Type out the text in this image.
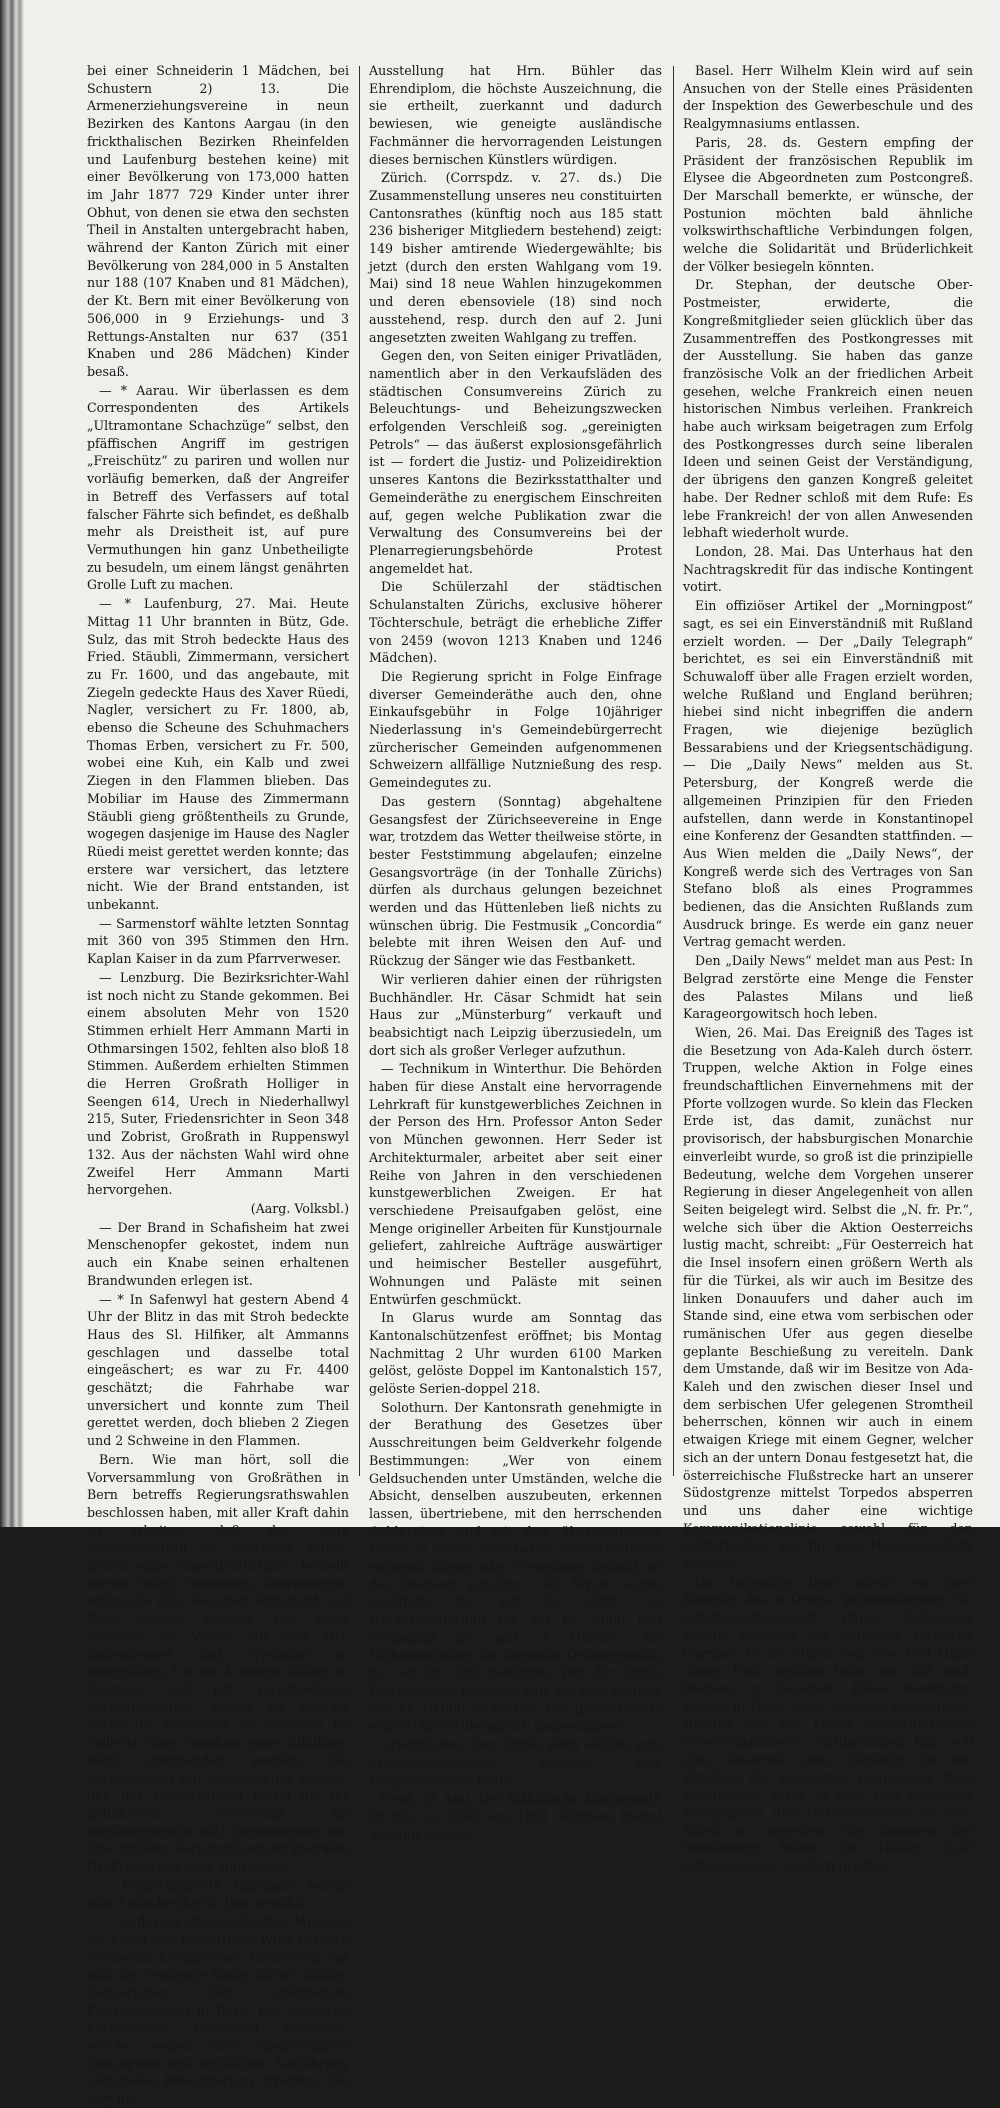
bei einer Schneiderin 1 Mädchen, bei Schustern 2) 13. Die Armenerziehungsvereine in neun Bezirken des Kantons Aargau (in den frickthalischen Bezirken Rheinfelden und Laufenburg bestehen keine) mit einer Bevölkerung von 173,000 hatten im Jahr 1877 729 Kinder unter ihrer Obhut, von denen sie etwa den sechsten Theil in Anstalten untergebracht haben, während der Kanton Zürich mit einer Bevölkerung von 284,000 in 5 Anstalten nur 188 (107 Knaben und 81 Mädchen), der Kt. Bern mit einer Bevölkerung von 506,000 in 9 Erziehungs- und 3 Rettungs-Anstalten nur 637 (351 Knaben und 286 Mädchen) Kinder besaß.

— * Aarau. Wir überlassen es dem Correspondenten des Artikels „Ultramontane Schachzüge“ selbst, den pfäffischen Angriff im gestrigen „Freischütz“ zu pariren und wollen nur vorläufig bemerken, daß der Angreifer in Betreff des Verfassers auf total falscher Fährte sich befindet, es deßhalb mehr als Dreistheit ist, auf pure Vermuthungen hin ganz Unbetheiligte zu besudeln, um einem längst genährten Grolle Luft zu machen.

— * Laufenburg, 27. Mai. Heute Mittag 11 Uhr brannten in Bütz, Gde. Sulz, das mit Stroh bedeckte Haus des Fried. Stäubli, Zimmermann, versichert zu Fr. 1600, und das angebaute, mit Ziegeln gedeckte Haus des Xaver Rüedi, Nagler, versichert zu Fr. 1800, ab, ebenso die Scheune des Schuhmachers Thomas Erben, versichert zu Fr. 500, wobei eine Kuh, ein Kalb und zwei Ziegen in den Flammen blieben. Das Mobiliar im Hause des Zimmermann Stäubli gieng größtentheils zu Grunde, wogegen dasjenige im Hause des Nagler Rüedi meist gerettet werden konnte; das erstere war versichert, das letztere nicht. Wie der Brand entstanden, ist unbekannt.

— Sarmenstorf wählte letzten Sonntag mit 360 von 395 Stimmen den Hrn. Kaplan Kaiser in da zum Pfarrverweser.

— Lenzburg. Die Bezirksrichter-Wahl ist noch nicht zu Stande gekommen. Bei einem absoluten Mehr von 1520 Stimmen erhielt Herr Ammann Marti in Othmarsingen 1502, fehlten also bloß 18 Stimmen. Außerdem erhielten Stimmen die Herren Großrath Holliger in Seengen 614, Urech in Niederhallwyl 215, Suter, Friedensrichter in Seon 348 und Zobrist, Großrath in Ruppenswyl 132. Aus der nächsten Wahl wird ohne Zweifel Herr Ammann Marti hervorgehen.

(Aarg. Volksbl.)

— Der Brand in Schafisheim hat zwei Menschenopfer gekostet, indem nun auch ein Knabe seinen erhaltenen Brandwunden erlegen ist.

— * In Safenwyl hat gestern Abend 4 Uhr der Blitz in das mit Stroh bedeckte Haus des Sl. Hilfiker, alt Ammanns geschlagen und dasselbe total eingeäschert; es war zu Fr. 4400 geschätzt; die Fahrhabe war unversichert und konnte zum Theil gerettet werden, doch blieben 2 Ziegen und 2 Schweine in den Flammen.

Bern. Wie man hört, soll die Vorversammlung von Großräthen in Bern betreffs Regierungsrathswahlen beschlossen haben, mit aller Kraft dahin zu arbeiten, daß der neue Regierungsrath in liberalem Sinne, jedoch ohne Ausschließlichkeit, bestellt werde. Durch besondere Abordnungen sollen die HH. Teuscher, Ritschard und Rohr ersucht werden, sich einer Neuwahl im Verein mit den HH. Bodenheimer und Wynistorf zu unterziehen. Um die 4 andern Stellen zu besetzen, soll mit verschiedenen Persönlichkeiten, denen die liberale Partei ihr Vertrauen zu schenken im Falle ist, über Annahme einer allfälligen Wahl unterhandelt werden. Die Versammlung war durchaus der Ansicht, daß der konservativen Partei die ihr gebührende Vertretung im Regierungsrathe auch zuzuerkennen sei. Eine größere Versammlung der liberalen Großräthe soll noch stattfinden.

— Regierungsrath Hartmann wurde zum Amtschreiber in Biel gewählt.

— An der im österreichischen Museum für Kunst und Industrie in Wien kürzlich eröffneten heraldischen Ausstellung hat sich der verdiente Maler Christ. Bühler, Conservator der städtischen Kunstsammlung in Bern, mit mehreren heraldischen Gemälden betheiligt, welche wegen ihrer meisterhaften Conception und trefflichen Ausführung allgemeine Bewunderung erregten. Die Jury der

Ausstellung hat Hrn. Bühler das Ehrendiplom, die höchste Auszeichnung, die sie ertheilt, zuerkannt und dadurch bewiesen, wie geneigte ausländische Fachmänner die hervorragenden Leistungen dieses bernischen Künstlers würdigen.

Zürich. (Corrspdz. v. 27. ds.) Die Zusammenstellung unseres neu constituirten Cantonsrathes (künftig noch aus 185 statt 236 bisheriger Mitgliedern bestehend) zeigt: 149 bisher amtirende Wiedergewählte; bis jetzt (durch den ersten Wahlgang vom 19. Mai) sind 18 neue Wahlen hinzugekommen und deren ebensoviele (18) sind noch ausstehend, resp. durch den auf 2. Juni angesetzten zweiten Wahlgang zu treffen.

Gegen den, von Seiten einiger Privatläden, namentlich aber in den Verkaufsläden des städtischen Consumvereins Zürich zu Beleuchtungs- und Beheizungszwecken erfolgenden Verschleiß sog. „gereinigten Petrols“ — das äußerst explosionsgefährlich ist — fordert die Justiz- und Polizeidirektion unseres Kantons die Bezirksstatthalter und Gemeinderäthe zu energischem Einschreiten auf, gegen welche Publikation zwar die Verwaltung des Consumvereins bei der Plenarregierungsbehörde Protest angemeldet hat.

Die Schülerzahl der städtischen Schulanstalten Zürichs, exclusive höherer Töchterschule, beträgt die erhebliche Ziffer von 2459 (wovon 1213 Knaben und 1246 Mädchen).

Die Regierung spricht in Folge Einfrage diverser Gemeinderäthe auch den, ohne Einkaufsgebühr in Folge 10jähriger Niederlassung in's Gemeindebürgerrecht zürcherischer Gemeinden aufgenommenen Schweizern allfällige Nutznießung des resp. Gemeindegutes zu.

Das gestern (Sonntag) abgehaltene Gesangsfest der Zürichseevereine in Enge war, trotzdem das Wetter theilweise störte, in bester Feststimmung abgelaufen; einzelne Gesangsvorträge (in der Tonhalle Zürichs) dürfen als durchaus gelungen bezeichnet werden und das Hüttenleben ließ nichts zu wünschen übrig. Die Festmusik „Concordia“ belebte mit ihren Weisen den Auf- und Rückzug der Sänger wie das Festbankett.

Wir verlieren dahier einen der rührigsten Buchhändler. Hr. Cäsar Schmidt hat sein Haus zur „Münsterburg“ verkauft und beabsichtigt nach Leipzig überzusiedeln, um dort sich als großer Verleger aufzuthun.

— Technikum in Winterthur. Die Behörden haben für diese Anstalt eine hervorragende Lehrkraft für kunstgewerbliches Zeichnen in der Person des Hrn. Professor Anton Seder von München gewonnen. Herr Seder ist Architekturmaler, arbeitet aber seit einer Reihe von Jahren in den verschiedenen kunstgewerblichen Zweigen. Er hat verschiedene Preisaufgaben gelöst, eine Menge origineller Arbeiten für Kunstjournale geliefert, zahlreiche Aufträge auswärtiger und heimischer Besteller ausgeführt, Wohnungen und Paläste mit seinen Entwürfen geschmückt.

In Glarus wurde am Sonntag das Kantonalschützenfest eröffnet; bis Montag Nachmittag 2 Uhr wurden 6100 Marken gelöst, gelöste Doppel im Kantonalstich 157, gelöste Serien-doppel 218.

Solothurn. Der Kantonsrath genehmigte in der Berathung des Gesetzes über Ausschreitungen beim Geldverkehr folgende Bestimmungen: „Wer von einem Geldsuchenden unter Umständen, welche die Absicht, denselben auszubeuten, erkennen lassen, übertriebene, mit den herrschenden Geldpreisen und mit dem übernommenen Risico in einem offenbaren Mißverhältnisse stehende Zinsen oder Provisionen bezieht, ist des Wuchers schuldig.“ Als Strafe wurde Geldbuße bis auf Fr. 1000, im Wiederholungsfall bis auf Fr. 2000 und Gefängniß bis auf 3 Monate, für Nichtbeachtung der formalen Ordnungsbuße bis auf Fr. 200 bestimmt. Wer für Dritte Betreibungen besorgen will, hat eine Caution von Fr. 10,000 zu leisten. Das ganze Gesetz wurde ohne Widerspruch angenommen.

Graubünden. Der Große Rath wählte zum Standespräsidenten Bezzola, zum Vizepräsidenten Franz.

Genf, 28. Mai. Der katholische Kirchenrath ist mit ca. 1340 von 1391 Stimmen liberal gewählt worden.

Basel. Herr Wilhelm Klein wird auf sein Ansuchen von der Stelle eines Präsidenten der Inspektion des Gewerbeschule und des Realgymnasiums entlassen.

Paris, 28. ds. Gestern empfing der Präsident der französischen Republik im Elysee die Abgeordneten zum Postcongreß. Der Marschall bemerkte, er wünsche, der Postunion möchten bald ähnliche volkswirthschaftliche Verbindungen folgen, welche die Solidarität und Brüderlichkeit der Völker besiegeln könnten.

Dr. Stephan, der deutsche Ober-Postmeister, erwiderte, die Kongreßmitglieder seien glücklich über das Zusammentreffen des Postkongresses mit der Ausstellung. Sie haben das ganze französische Volk an der friedlichen Arbeit gesehen, welche Frankreich einen neuen historischen Nimbus verleihen. Frankreich habe auch wirksam beigetragen zum Erfolg des Postkongresses durch seine liberalen Ideen und seinen Geist der Verständigung, der übrigens den ganzen Kongreß geleitet habe. Der Redner schloß mit dem Rufe: Es lebe Frankreich! der von allen Anwesenden lebhaft wiederholt wurde.

London, 28. Mai. Das Unterhaus hat den Nachtragskredit für das indische Kontingent votirt.

Ein offiziöser Artikel der „Morningpost“ sagt, es sei ein Einverständniß mit Rußland erzielt worden. — Der „Daily Telegraph“ berichtet, es sei ein Einverständniß mit Schuwaloff über alle Fragen erzielt worden, welche Rußland und England berühren; hiebei sind nicht inbegriffen die andern Fragen, wie diejenige bezüglich Bessarabiens und der Kriegsentschädigung. — Die „Daily News“ melden aus St. Petersburg, der Kongreß werde die allgemeinen Prinzipien für den Frieden aufstellen, dann werde in Konstantinopel eine Konferenz der Gesandten stattfinden. — Aus Wien melden die „Daily News“, der Kongreß werde sich des Vertrages von San Stefano bloß als eines Programmes bedienen, das die Ansichten Rußlands zum Ausdruck bringe. Es werde ein ganz neuer Vertrag gemacht werden.

Den „Daily News“ meldet man aus Pest: In Belgrad zerstörte eine Menge die Fenster des Palastes Milans und ließ Karageorgowitsch hoch leben.

Wien, 26. Mai. Das Ereigniß des Tages ist die Besetzung von Ada-Kaleh durch österr. Truppen, welche Aktion in Folge eines freundschaftlichen Einvernehmens mit der Pforte vollzogen wurde. So klein das Flecken Erde ist, das damit, zunächst nur provisorisch, der habsburgischen Monarchie einverleibt wurde, so groß ist die prinzipielle Bedeutung, welche dem Vorgehen unserer Regierung in dieser Angelegenheit von allen Seiten beigelegt wird. Selbst die „N. fr. Pr.“, welche sich über die Aktion Oesterreichs lustig macht, schreibt: „Für Oesterreich hat die Insel insofern einen größern Werth als für die Türkei, als wir auch im Besitze des linken Donauufers und daher auch im Stande sind, eine etwa vom serbischen oder rumänischen Ufer aus gegen dieselbe geplante Beschießung zu vereiteln. Dank dem Umstande, daß wir im Besitze von Ada-Kaleh und den zwischen dieser Insel und dem serbischen Ufer gelegenen Stromtheil beherrschen, können wir auch in einem etwaigen Kriege mit einem Gegner, welcher sich an der untern Donau festgesetzt hat, die österreichische Flußstrecke hart an unserer Südostgrenze mittelst Torpedos absperren und uns daher eine wichtige Kommunikationslinie sowohl für den militärischen, als für den Handelsverkehr erhalten.“

Die befestigte Insel wurde von zwei Kompag. des in Orsova garnisonirenden 78. Infanterie-Regiments Baron Sokcsevics besetzt nachdem die seitherige türkische Garnison in der Stärke von etwa 600 Mann diesen Platz geräumt hatte, um sich nach Bosnien zu begeben. Diese Besetzung, welche in Folge eines zwischen Oesterreich-Ungarn und der Pforte abgeschlossenen Uebereinkommens stattgefunden hat, soll eine dauernde sein. Vorläufig ist ein Bataillon des genannten Regimentes dazu ausersehen, durch je zwei sich ablösende Kompagnien den Garnisonsdienst in Ada-Kaleh zu versehen. Die Kanonen der Inselfestung haben die Türken nicht mitgenommen, sondern in öster-
